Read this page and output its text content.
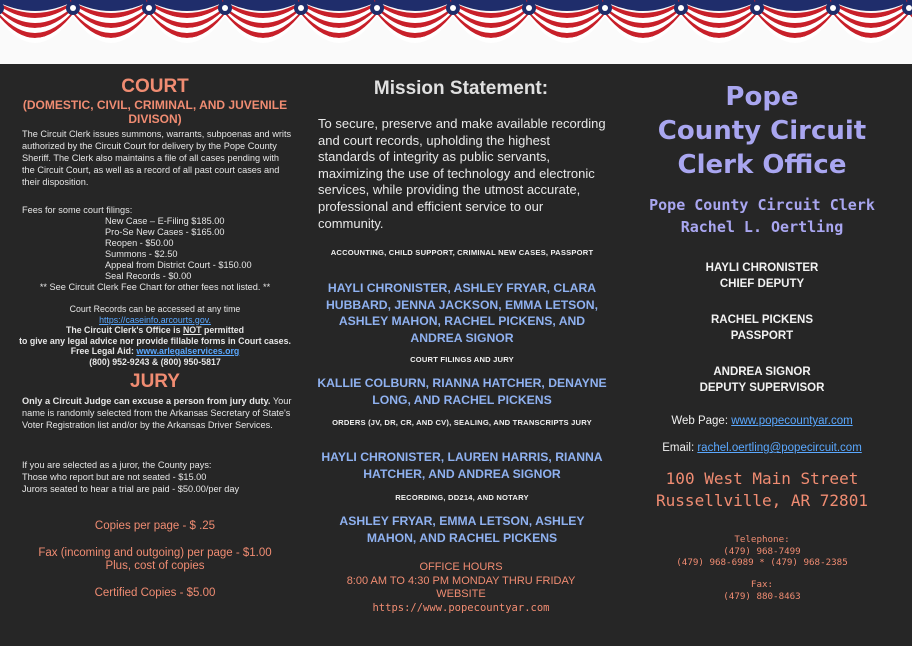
COURT
(DOMESTIC, CIVIL, CRIMINAL, AND JUVENILE DIVISON)
The Circuit Clerk issues summons, warrants, subpoenas and writs authorized by the Circuit Court for delivery by the Pope County Sheriff. The Clerk also maintains a file of all cases pending with the Circuit Court, as well as a record of all past court cases and their disposition.
Fees for some court filings:
New Case – E-Filing $185.00
Pro-Se New Cases - $165.00
Reopen - $50.00
Summons - $2.50
Appeal from District Court - $150.00
Seal Records - $0.00
** See Circuit Clerk Fee Chart for other fees not listed. **
Court Records can be accessed at any time
https://caseinfo.arcourts.gov.
The Circuit Clerk's Office is NOT permitted
to give any legal advice nor provide fillable forms in Court cases.
Free Legal Aid: www.arlegalservices.org
(800) 952-9243 & (800) 950-5817
JURY
Only a Circuit Judge can excuse a person from jury duty. Your name is randomly selected from the Arkansas Secretary of State's Voter Registration list and/or by the Arkansas Driver Services.
If you are selected as a juror, the County pays:
Those who report but are not seated - $15.00
Jurors seated to hear a trial are paid - $50.00/per day
Copies per page - $ .25
Fax (incoming and outgoing) per page - $1.00
Plus, cost of copies
Certified Copies - $5.00
Mission Statement:
To secure, preserve and make available recording and court records, upholding the highest standards of integrity as public servants, maximizing the use of technology and electronic services, while providing the utmost accurate, professional and efficient service to our community.
ACCOUNTING, CHILD SUPPORT, CRIMINAL NEW CASES, PASSPORT
HAYLI CHRONISTER, ASHLEY FRYAR, CLARA HUBBARD, JENNA JACKSON, EMMA LETSON, ASHLEY MAHON, RACHEL PICKENS, AND ANDREA SIGNOR
COURT FILINGS AND JURY
KALLIE COLBURN, RIANNA HATCHER, DENAYNE LONG, AND RACHEL PICKENS
ORDERS (JV, DR, CR, AND CV), SEALING, AND TRANSCRIPTS JURY
HAYLI CHRONISTER, LAUREN HARRIS, RIANNA HATCHER, AND ANDREA SIGNOR
RECORDING, DD214, AND NOTARY
ASHLEY FRYAR, EMMA LETSON, ASHLEY MAHON, AND RACHEL PICKENS
OFFICE HOURS
8:00 AM TO 4:30 PM MONDAY THRU FRIDAY
WEBSITE
https://www.popecountyar.com
Pope
County Circuit
Clerk Office
Pope County Circuit Clerk
Rachel L. Oertling
HAYLI CHRONISTER
CHIEF DEPUTY
RACHEL PICKENS
PASSPORT
ANDREA SIGNOR
DEPUTY SUPERVISOR
Web Page: www.popecountyar.com
Email: rachel.oertling@popecircuit.com
100 West Main Street
Russellville, AR 72801
Telephone:
(479) 968-7499
(479) 968-6989 * (479) 968-2385
Fax:
(479) 880-8463
